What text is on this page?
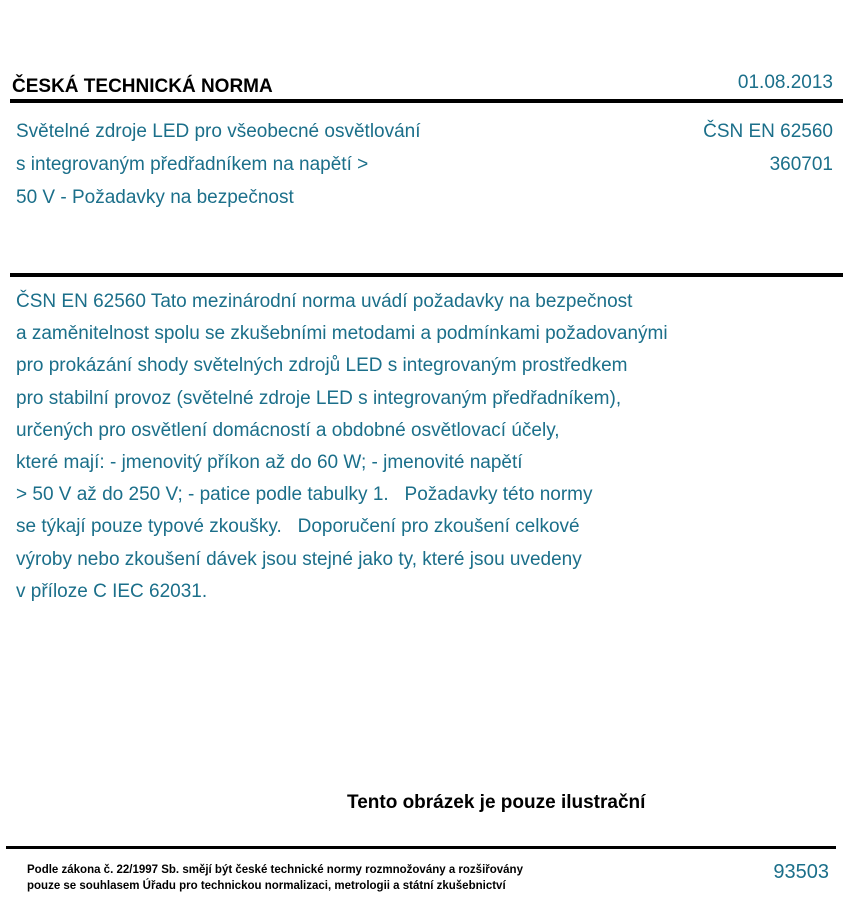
ČESKÁ TECHNICKÁ NORMA	01.08.2013
Světelné zdroje LED pro všeobecné osvětlování
s integrovaným předřadníkem na napětí >
50 V - Požadavky na bezpečnost
ČSN EN 62560
360701
ČSN EN 62560 Tato mezinárodní norma uvádí požadavky na bezpečnost
a zaměnitelnost spolu se zkušebními metodami a podmínkami požadovanými
pro prokázání shody světelných zdrojů LED s integrovaným prostředkem
pro stabilní provoz (světelné zdroje LED s integrovaným předřadníkem),
určených pro osvětlení domácností a obdobné osvětlovací účely,
které mají: - jmenovitý příkon až do 60 W; - jmenovité napětí
> 50 V až do 250 V; - patice podle tabulky 1.   Požadavky této normy
se týkají pouze typové zkoušky.   Doporučení pro zkoušení celkové
výroby nebo zkoušení dávek jsou stejné jako ty, které jsou uvedeny
v příloze C IEC 62031.
Tento obrázek je pouze ilustrační
Podle zákona č. 22/1997 Sb. smějí být české technické normy rozmnožovány a rozšiřovány
pouze se souhlasem Úřadu pro technickou normalizaci, metrologii a státní zkušebnictví
93503
